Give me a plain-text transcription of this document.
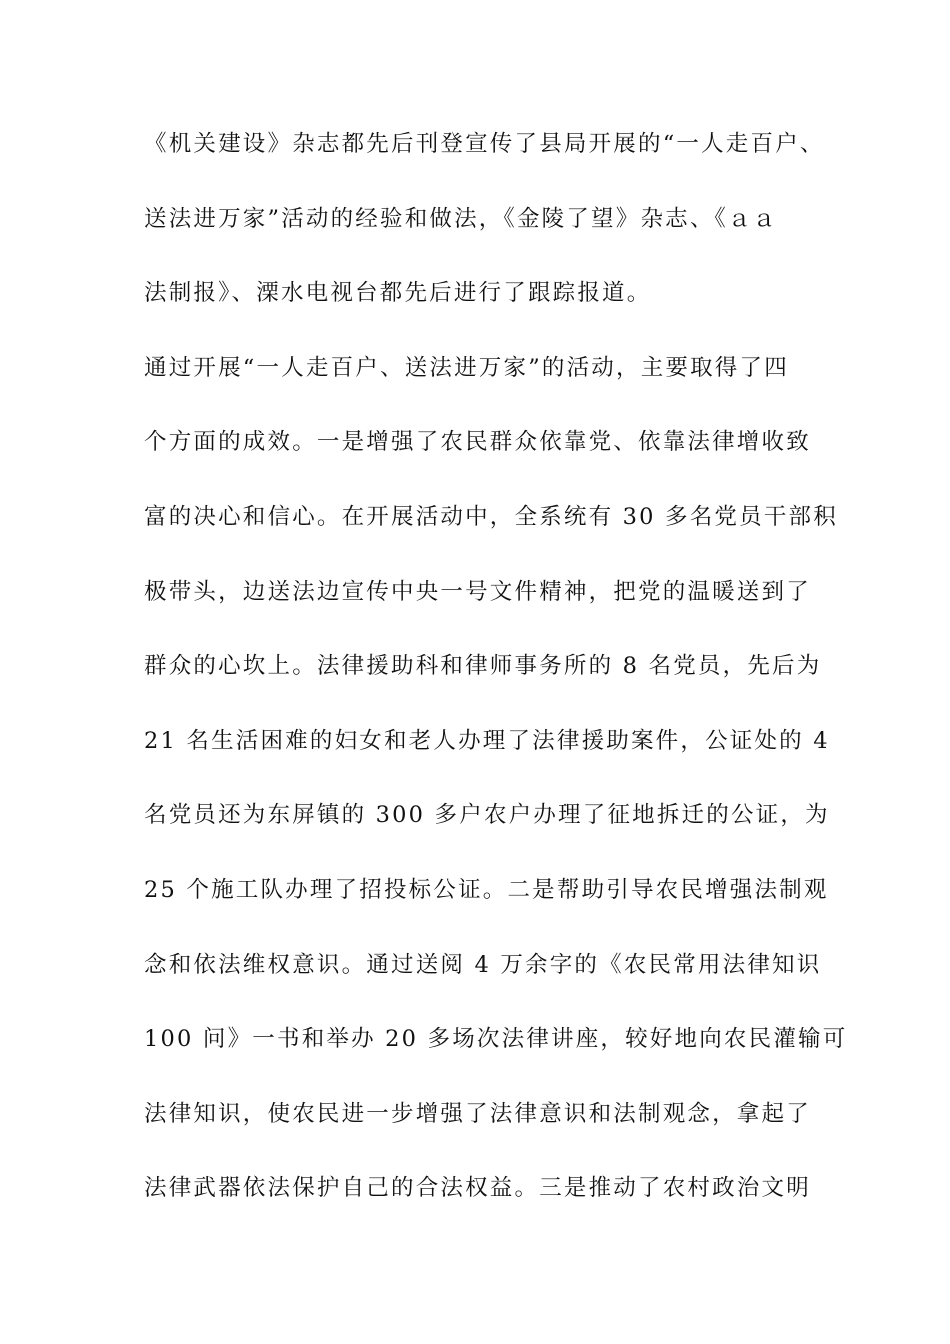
《机关建设》杂志都先后刊登宣传了县局开展的“一人走百户、
送法进万家”活动的经验和做法，《金陵了望》杂志、《ａａ
法制报》、溧水电视台都先后进行了跟踪报道。
通过开展“一人走百户、送法进万家”的活动，主要取得了四
个方面的成效。一是增强了农民群众依靠党、依靠法律增收致
富的决心和信心。在开展活动中，全系统有 30 多名党员干部积
极带头，边送法边宣传中央一号文件精神，把党的温暖送到了
群众的心坎上。法律援助科和律师事务所的 8 名党员，先后为
21 名生活困难的妇女和老人办理了法律援助案件，公证处的 4
名党员还为东屏镇的 300 多户农户办理了征地拆迁的公证，为
25 个施工队办理了招投标公证。二是帮助引导农民增强法制观
念和依法维权意识。通过送阅 4 万余字的《农民常用法律知识
100 问》一书和举办 20 多场次法律讲座，较好地向农民灌输可
法律知识，使农民进一步增强了法律意识和法制观念，拿起了
法律武器依法保护自己的合法权益。三是推动了农村政治文明
